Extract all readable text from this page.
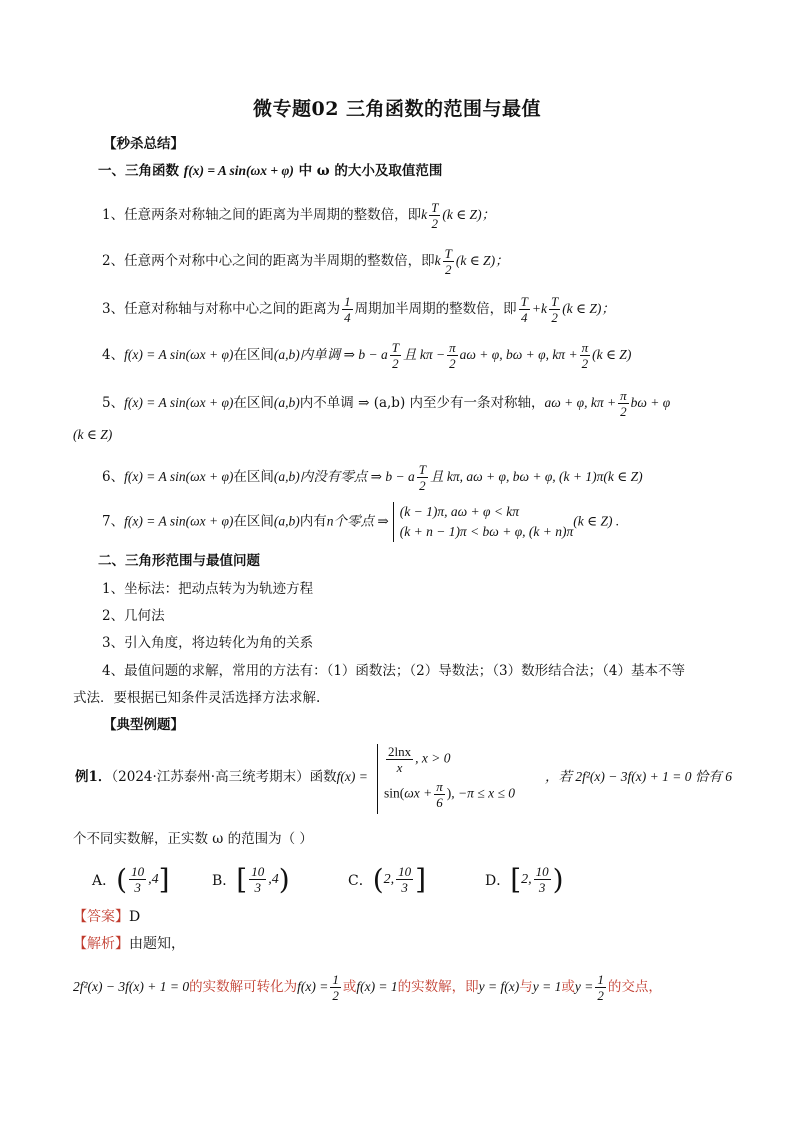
微专题02 三角函数的范围与最值
【秒杀总结】
一、三角函数 f(x) = A sin(ωx + φ) 中 ω 的大小及取值范围
1、任意两条对称轴之间的距离为半周期的整数倍，即k $\frac{T}{2} (k$ ∈ Z)；
2、任意两个对称中心之间的距离为半周期的整数倍，即k $\frac{T}{2} (k$ ∈ Z)；
3、任意对称轴与对称中心之间的距离为 $\frac{1}{4}$ 周期加半周期的整数倍，即 $\frac{T}{4} +k \frac{T}{2} (k$ ∈ Z)；
4、f(x) = A sin(ωx + φ)在区间(a,b)内单调 ⇒ b − a $\frac{T}{2}$ 且 $k\pi - \frac{\pi}{2}$ aω + φ, bω + φ, $k\pi + \frac{\pi}{2} (k$ ∈ Z)
5、f(x) = A sin(ωx + φ)在区间(a,b)内不单调 ⇒ (a,b) 内至少有一条对称轴，aω + φ, $k\pi + \frac{\pi}{2}$ bω + φ
(k ∈ Z)
6、f(x) = A sin(ωx + φ)在区间(a,b)内没有零点 ⇒ b − a $\frac{T}{2}$ 且 kπ, aω + φ, bω + φ, (k + 1)π(k ∈ Z)
7、f(x) = A sin(ωx + φ)在区间(a,b)内有n个零点 ⇒
(k − 1)π, aω + φ < kπ
(k + n − 1)π < bω + φ, (k + n)π
(k ∈ Z) .
二、三角形范围与最值问题
1、坐标法：把动点转为为轨迹方程
2、几何法
3、引入角度，将边转化为角的关系
4、最值问题的求解，常用的方法有：（1）函数法；（2）导数法；（3）数形结合法；（4）基本不等
式法．要根据已知条件灵活选择方法求解.
【典型例题】
例1．（2024·江苏泰州·高三统考期末）函数f(x) =
$\frac{2\ln x}{x}$ , x > 0
$\sin(\omega x + \frac{\pi}{6}$ ), −π ≤ x ≤ 0
，若 2f²(x) − 3f(x) + 1 = 0 恰有 6
个不同实数解，正实数 ω 的范围为（ ）
A．( $\frac{10}{3} ,4$]	B．[ $\frac{10}{3} ,4$)	C．(2, $\frac{10}{3}$ ]	D．[2, $\frac{10}{3}$ )
【答案】D
【解析】由题知，
2f²(x) − 3f(x) + 1 = 0的实数解可转化为$f(x) = \frac{1}{2}$ 或f(x) = 1的实数解，即y = f(x)与y = 1或$y = \frac{1}{2}$ 的交点，
